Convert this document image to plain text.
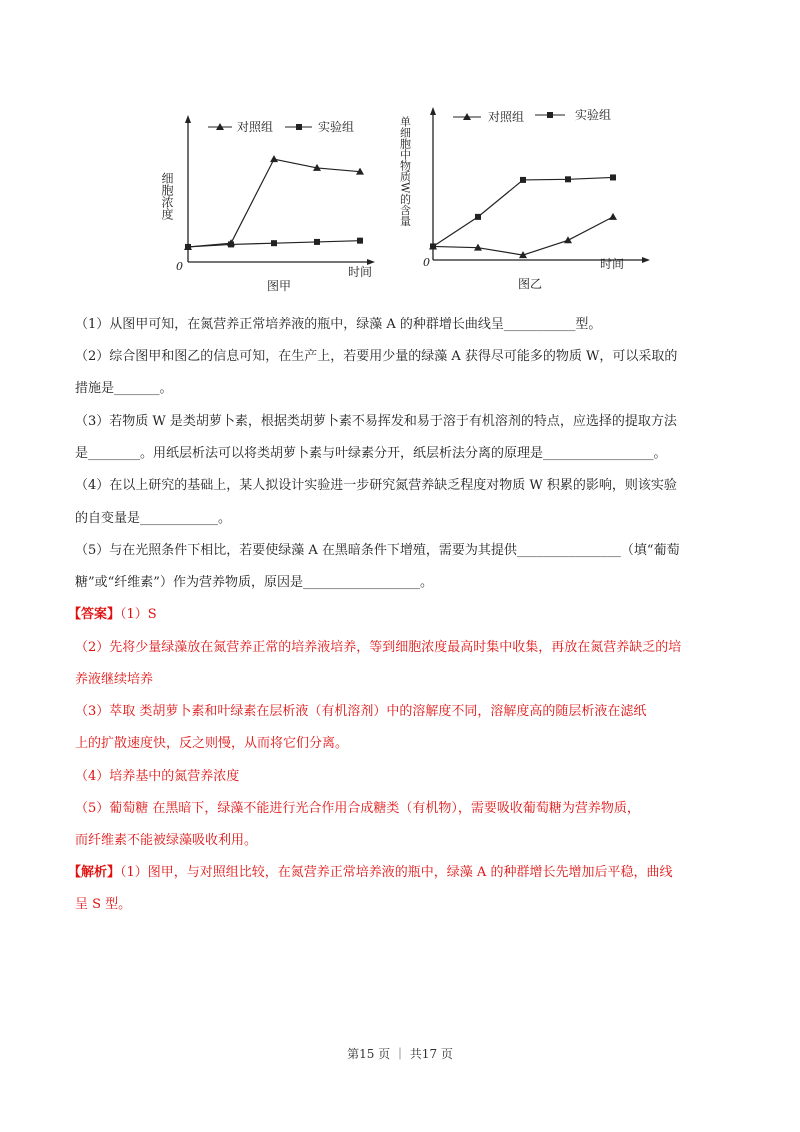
对照组	实验组
细胞浓度
0	时间
图甲
对照组	实验组
单细胞中物质W的含量
0	时间
图乙
（1）从图甲可知，在氮营养正常培养液的瓶中，绿藻 A 的种群增长曲线呈___________型。
（2）综合图甲和图乙的信息可知，在生产上，若要用少量的绿藻 A 获得尽可能多的物质 W，可以采取的
措施是_______。
（3）若物质 W 是类胡萝卜素，根据类胡萝卜素不易挥发和易于溶于有机溶剂的特点，应选择的提取方法
是________。用纸层析法可以将类胡萝卜素与叶绿素分开，纸层析法分离的原理是_________________。
（4）在以上研究的基础上，某人拟设计实验进一步研究氮营养缺乏程度对物质 W 积累的影响，则该实验
的自变量是____________。
（5）与在光照条件下相比，若要使绿藻 A 在黑暗条件下增殖，需要为其提供________________（填“葡萄
糖”或“纤维素”）作为营养物质，原因是__________________。
【答案】（1）S
（2）先将少量绿藻放在氮营养正常的培养液培养，等到细胞浓度最高时集中收集，再放在氮营养缺乏的培
养液继续培养
（3）萃取 类胡萝卜素和叶绿素在层析液（有机溶剂）中的溶解度不同，溶解度高的随层析液在滤纸
上的扩散速度快，反之则慢，从而将它们分离。
（4）培养基中的氮营养浓度
（5）葡萄糖 在黑暗下，绿藻不能进行光合作用合成糖类（有机物），需要吸收葡萄糖为营养物质，
而纤维素不能被绿藻吸收利用。
【解析】（1）图甲，与对照组比较，在氮营养正常培养液的瓶中，绿藻 A 的种群增长先增加后平稳，曲线
呈 S 型。
第15 页 ｜ 共17 页
